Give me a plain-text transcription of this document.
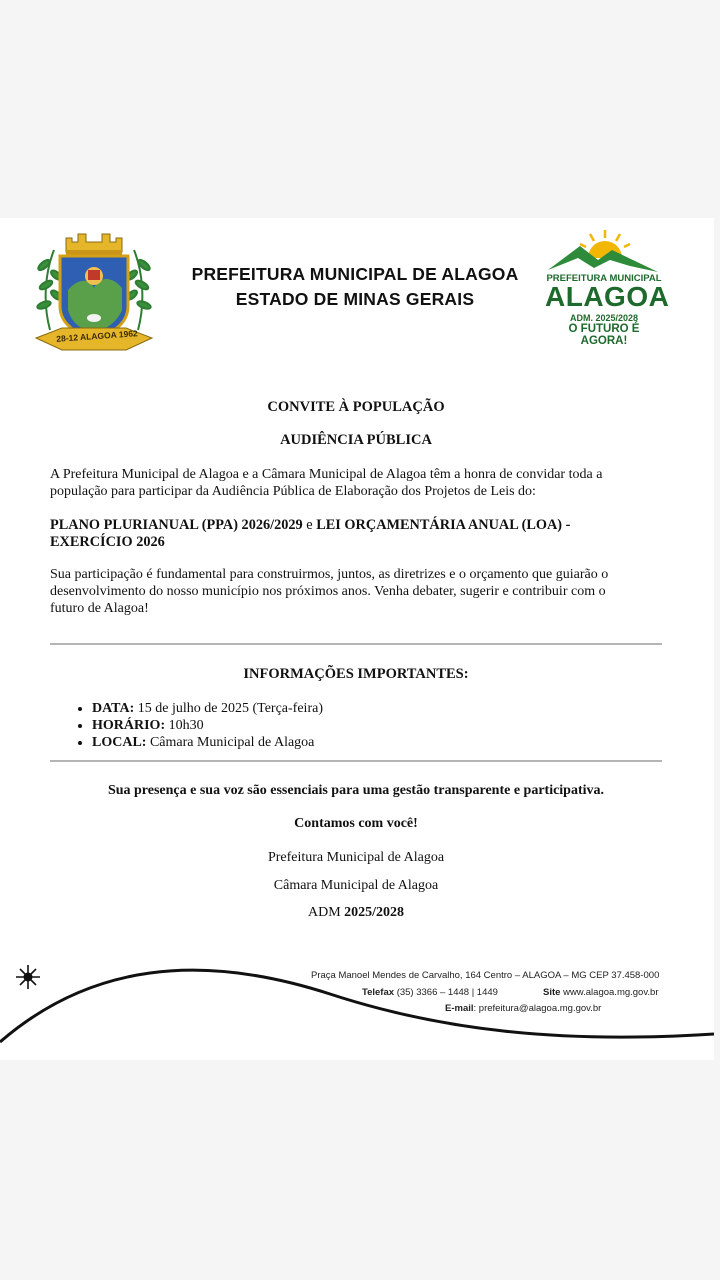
28-12 ALAGOA 1962
PREFEITURA MUNICIPAL DE ALAGOA
ESTADO DE MINAS GERAIS
PREFEITURA MUNICIPAL
ALAGOA
ADM. 2025/2028
O FUTURO É AGORA!
CONVITE À POPULAÇÃO
AUDIÊNCIA PÚBLICA
A Prefeitura Municipal de Alagoa e a Câmara Municipal de Alagoa têm a honra de convidar toda a população para participar da Audiência Pública de Elaboração dos Projetos de Leis do:
PLANO PLURIANUAL (PPA) 2026/2029 e LEI ORÇAMENTÁRIA ANUAL (LOA) - EXERCÍCIO 2026
Sua participação é fundamental para construirmos, juntos, as diretrizes e o orçamento que guiarão o desenvolvimento do nosso município nos próximos anos. Venha debater, sugerir e contribuir com o futuro de Alagoa!
INFORMAÇÕES IMPORTANTES:
• DATA: 15 de julho de 2025 (Terça-feira)
• HORÁRIO: 10h30
• LOCAL: Câmara Municipal de Alagoa
Sua presença e sua voz são essenciais para uma gestão transparente e participativa.
Contamos com você!
Prefeitura Municipal de Alagoa
Câmara Municipal de Alagoa
ADM 2025/2028
Praça Manoel Mendes de Carvalho, 164 Centro – ALAGOA – MG CEP 37.458-000
Telefax (35) 3366 – 1448 | 1449	Site www.alagoa.mg.gov.br
E-mail: prefeitura@alagoa.mg.gov.br
